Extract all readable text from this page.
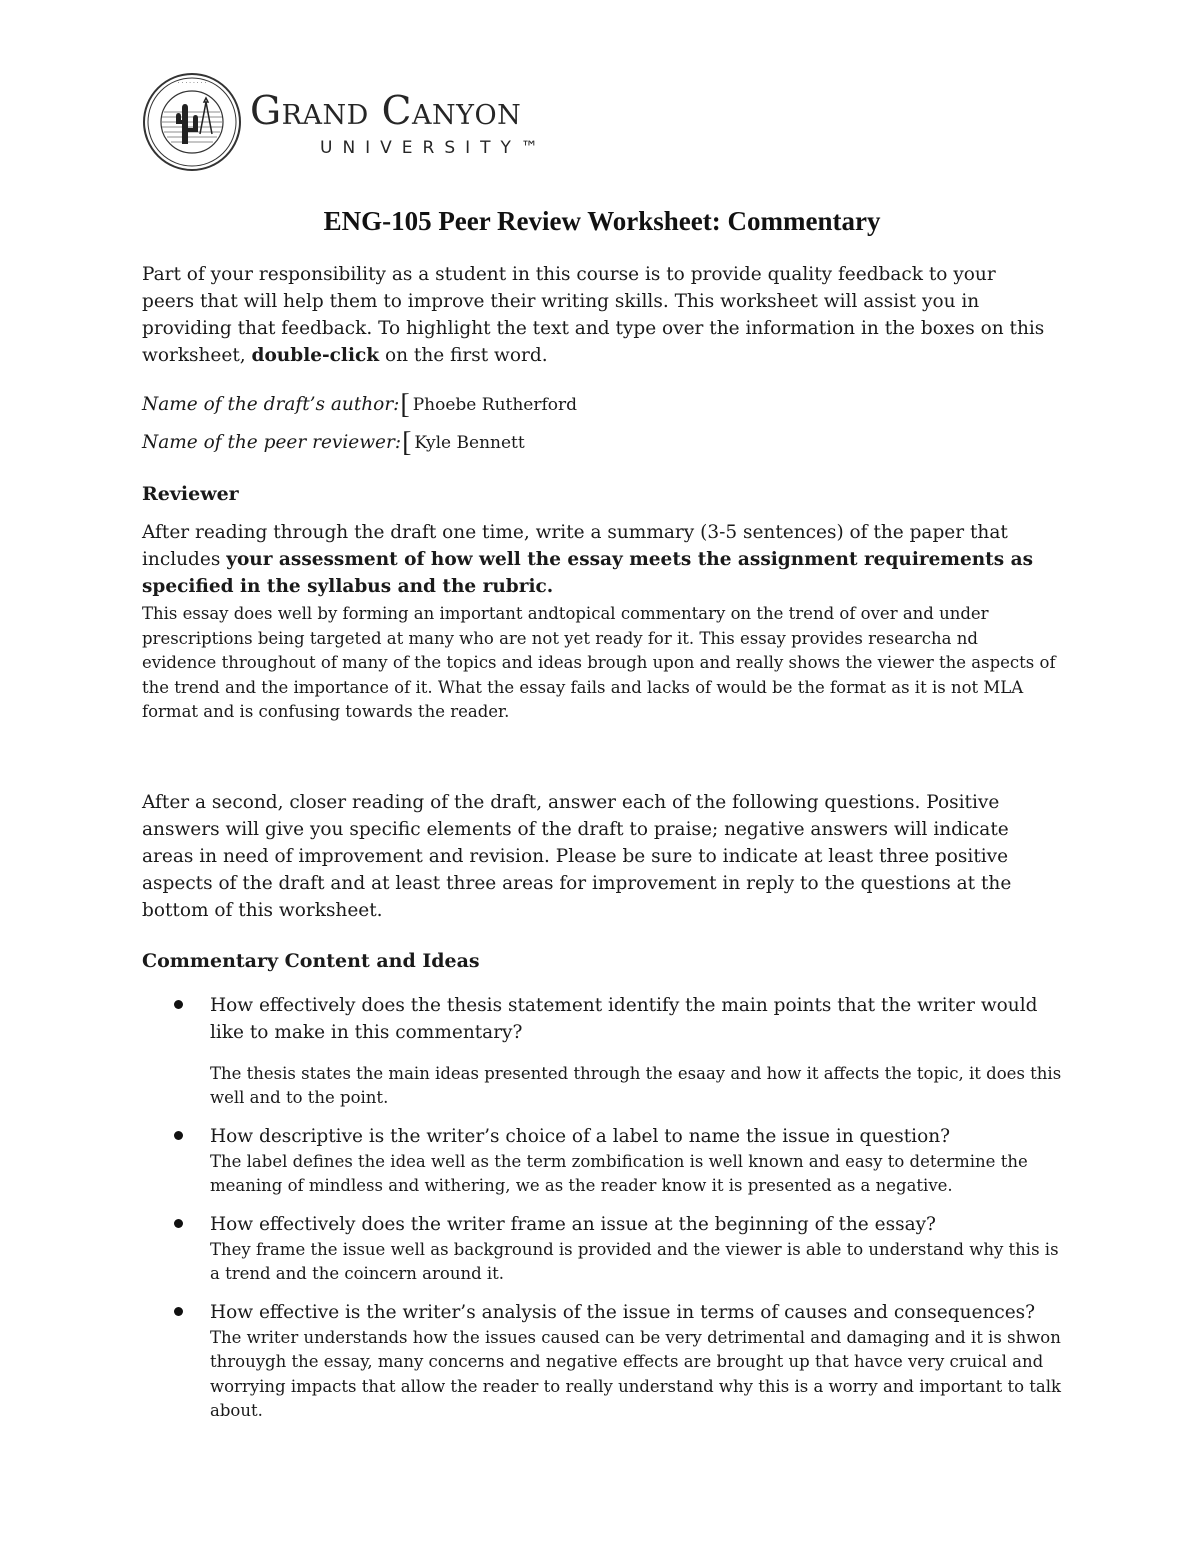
· · · · · · · ·
Grand Canyon
UNIVERSITY™
ENG-105 Peer Review Worksheet: Commentary

Part of your responsibility as a student in this course is to provide quality feedback to your peers that will help them to improve their writing skills. This worksheet will assist you in providing that feedback. To highlight the text and type over the information in the boxes on this worksheet, double-click on the first word.

Name of the draft’s author: [ Phoebe Rutherford
Name of the peer reviewer: [ Kyle Bennett
Reviewer

After reading through the draft one time, write a summary (3-5 sentences) of the paper that includes your assessment of how well the essay meets the assignment requirements as specified in the syllabus and the rubric.

This essay does well by forming an important andtopical commentary on the trend of over and under prescriptions being targeted at many who are not yet ready for it. This essay provides researcha nd evidence throughout of many of the topics and ideas brough upon and really shows the viewer the aspects of the trend and the importance of it. What the essay fails and lacks of would be the format as it is not MLA format and is confusing towards the reader.

After a second, closer reading of the draft, answer each of the following questions. Positive answers will give you specific elements of the draft to praise; negative answers will indicate areas in need of improvement and revision. Please be sure to indicate at least three positive aspects of the draft and at least three areas for improvement in reply to the questions at the bottom of this worksheet.

Commentary Content and Ideas

How effectively does the thesis statement identify the main points that the writer would like to make in this commentary?

The thesis states the main ideas presented through the esaay and how it affects the topic, it does this well and to the point.

How descriptive is the writer’s choice of a label to name the issue in question?

The label defines the idea well as the term zombification is well known and easy to determine the meaning of mindless and withering, we as the reader know it is presented as a negative.

How effectively does the writer frame an issue at the beginning of the essay?

They frame the issue well as background is provided and the viewer is able to understand why this is a trend and the coincern around it.

How effective is the writer’s analysis of the issue in terms of causes and consequences?

The writer understands how the issues caused can be very detrimental and damaging and it is shwon throuygh the essay, many concerns and negative effects are brought up that havce very cruical and worrying impacts that allow the reader to really understand why this is a worry and important to talk about.
